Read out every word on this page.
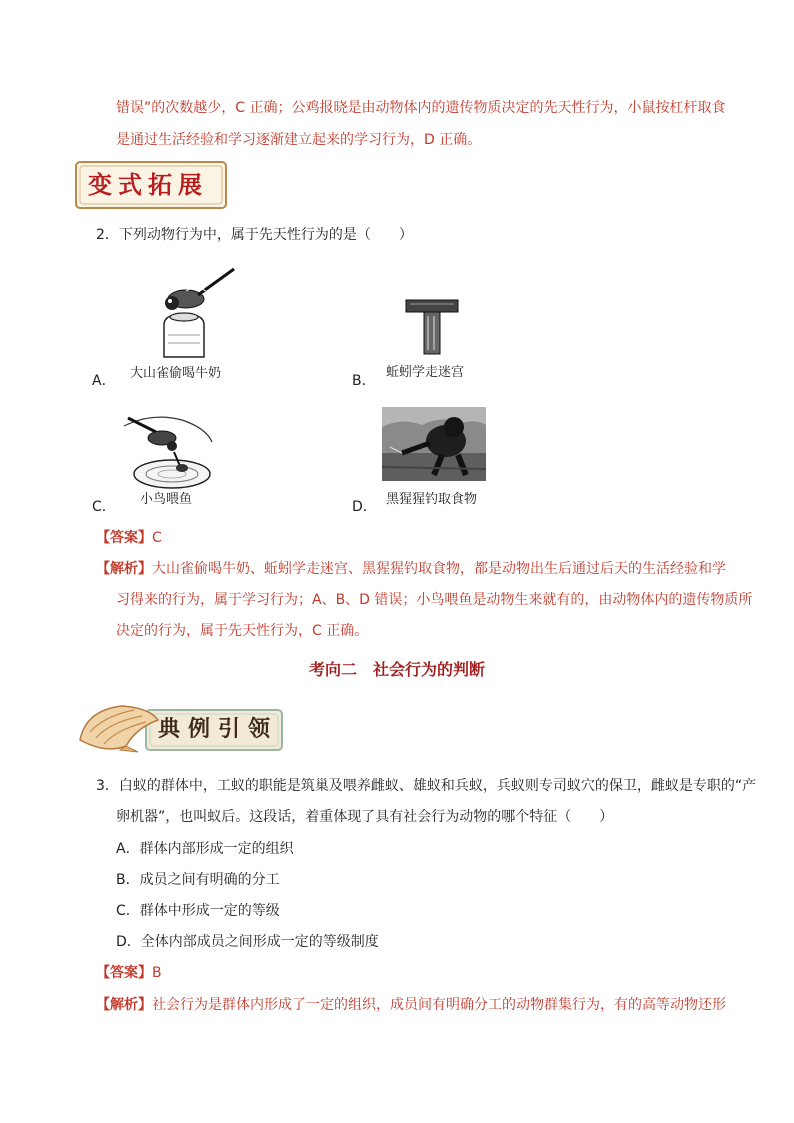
错误”的次数越少，C 正确；公鸡报晓是由动物体内的遗传物质决定的先天性行为，小鼠按杠杆取食
是通过生活经验和学习逐渐建立起来的学习行为，D 正确。
变式拓展
2．下列动物行为中，属于先天性行为的是（　　）
A． 大山雀偷喝牛奶	B．
蚯蚓学走迷宫
C． 小鸟喂鱼	D． 黑猩猩钓取食物
【答案】C
【解析】大山雀偷喝牛奶、蚯蚓学走迷宫、黑猩猩钓取食物，都是动物出生后通过后天的生活经验和学
习得来的行为，属于学习行为；A、B、D 错误；小鸟喂鱼是动物生来就有的，由动物体内的遗传物质所
决定的行为，属于先天性行为，C 正确。
考向二　社会行为的判断
典例引领
3．白蚁的群体中，工蚁的职能是筑巢及喂养雌蚁、雄蚁和兵蚁，兵蚁则专司蚁穴的保卫，雌蚁是专职的“产
卵机器”，也叫蚁后。这段话，着重体现了具有社会行为动物的哪个特征（　　）
A．群体内部形成一定的组织
B．成员之间有明确的分工
C．群体中形成一定的等级
D．全体内部成员之间形成一定的等级制度
【答案】B
【解析】社会行为是群体内形成了一定的组织，成员间有明确分工的动物群集行为，有的高等动物还形
